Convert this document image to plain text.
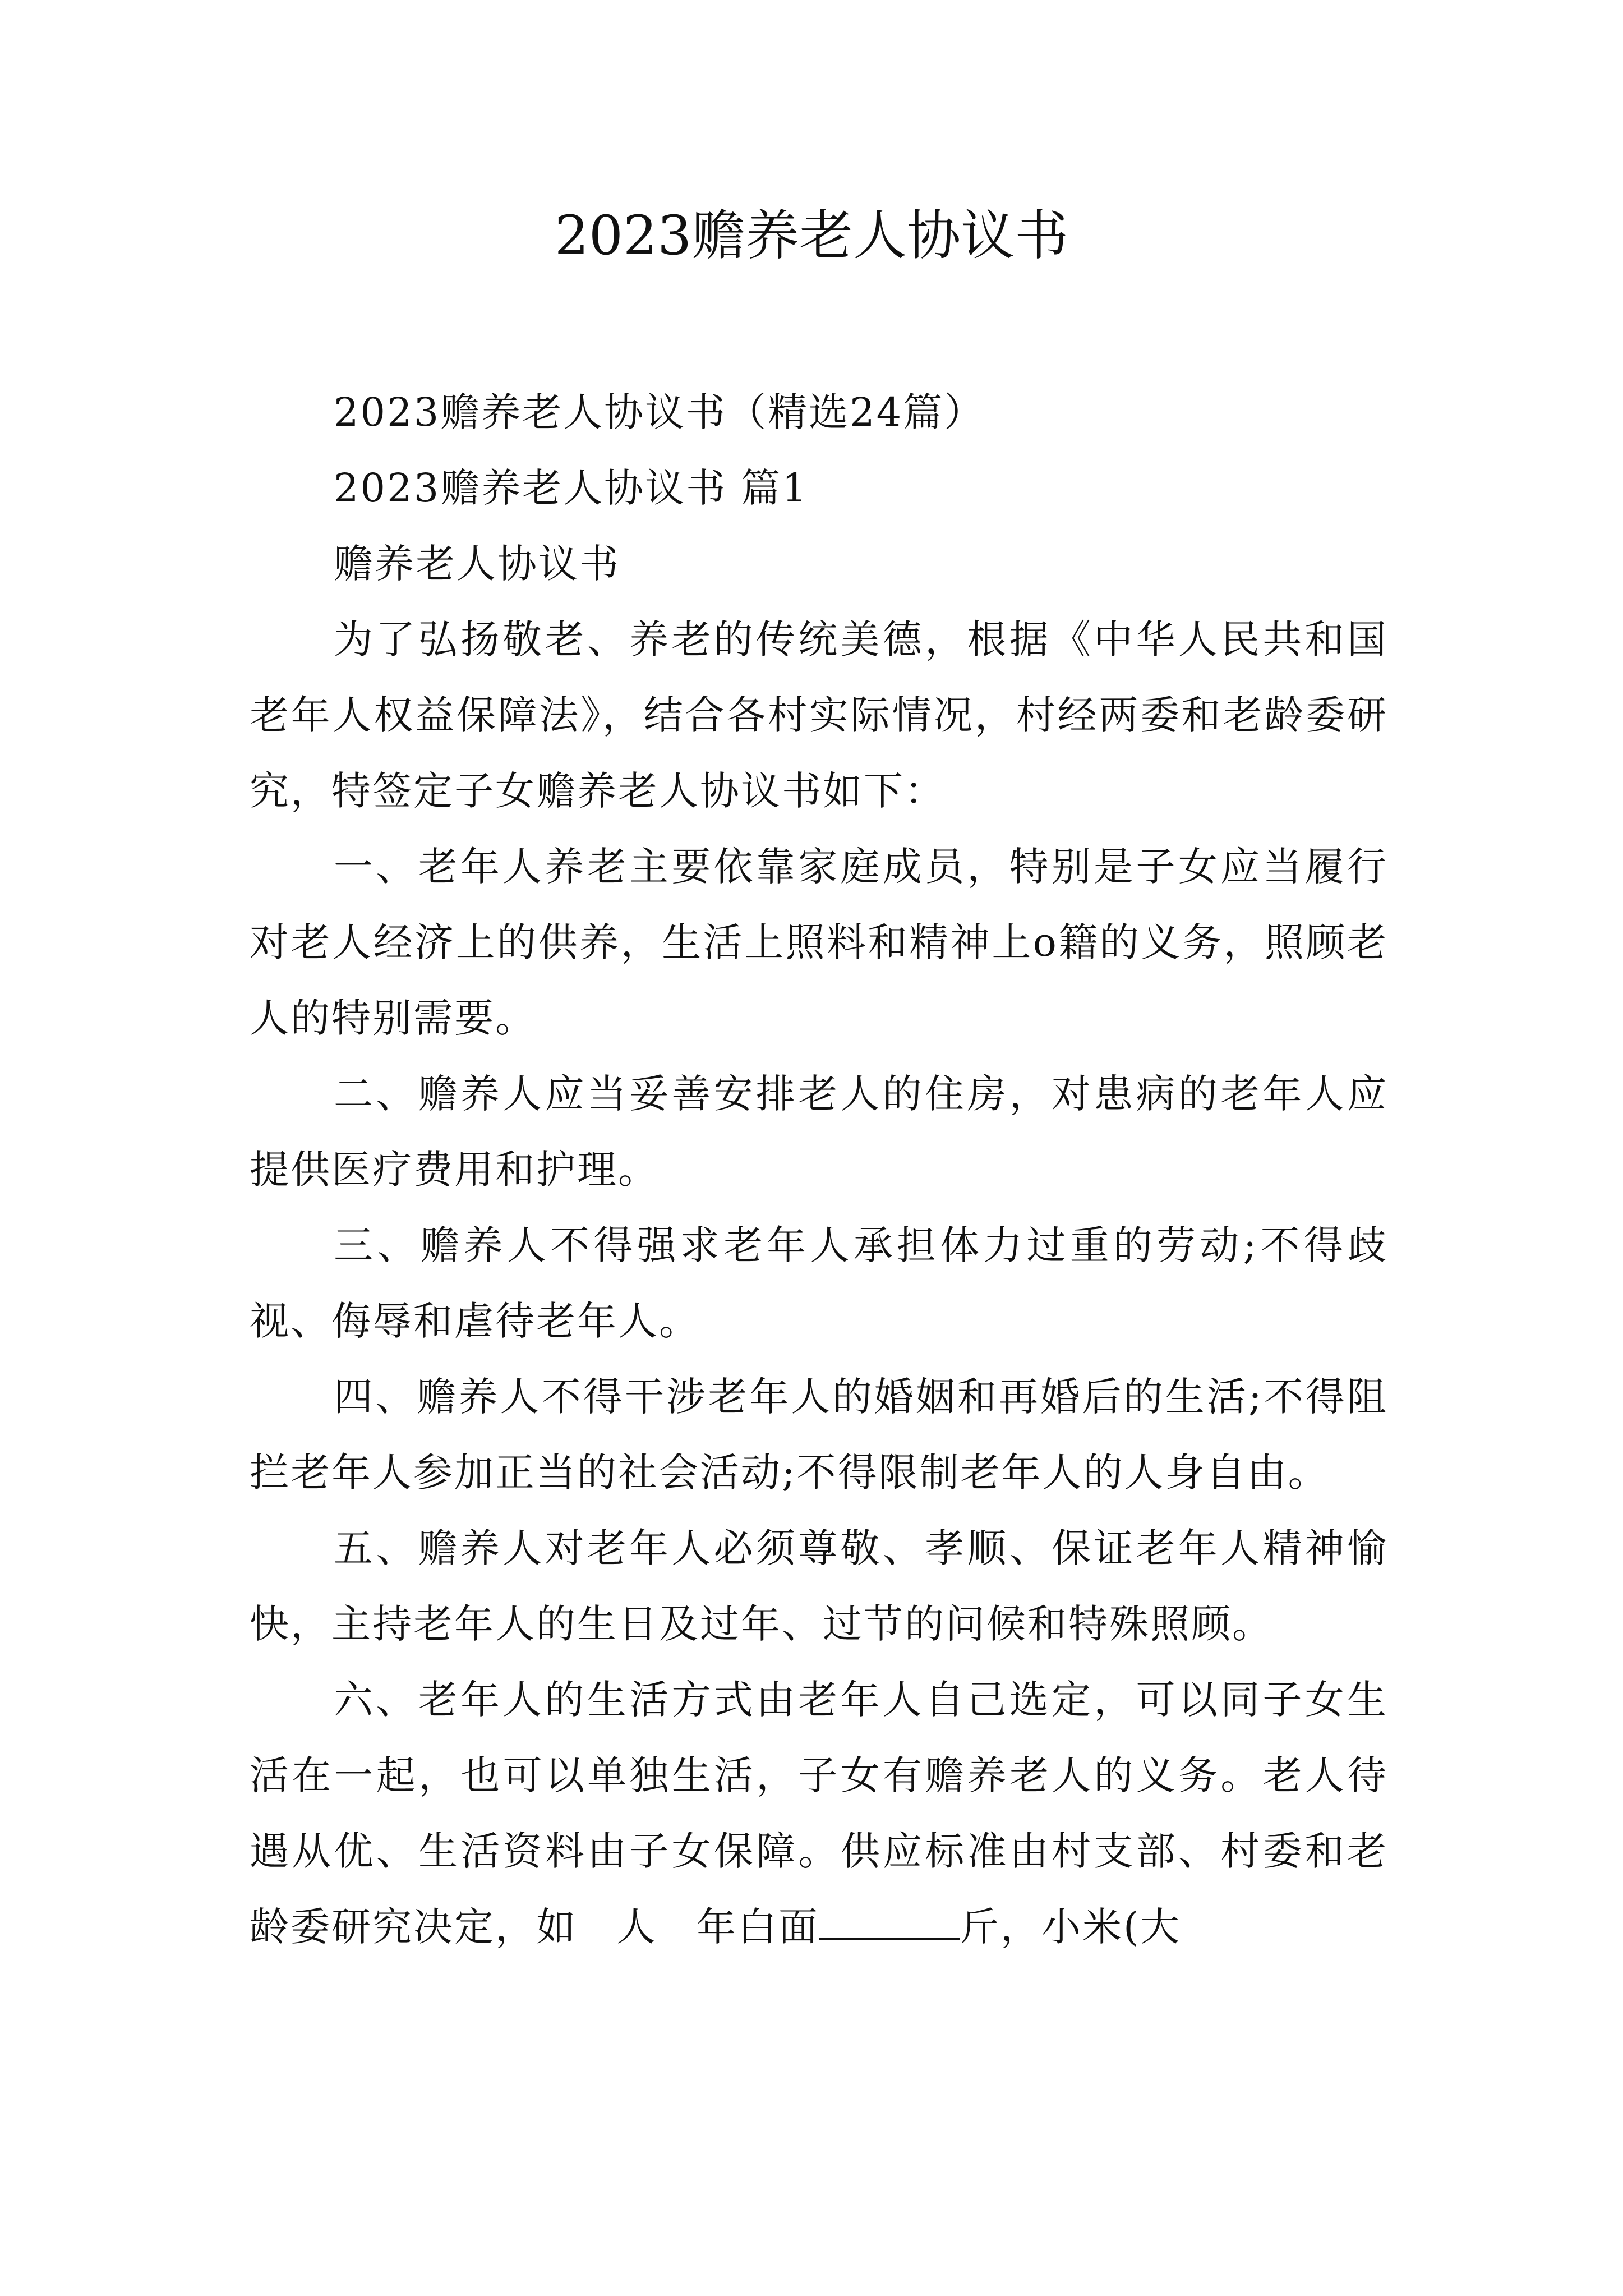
2023赡养老人协议书

2023赡养老人协议书（精选24篇）

2023赡养老人协议书 篇1

赡养老人协议书

为了弘扬敬老、养老的传统美德，根据《中华人民共和国老年人权益保障法》，结合各村实际情况，村经两委和老龄委研究，特签定子女赡养老人协议书如下：

一、老年人养老主要依靠家庭成员，特别是子女应当履行对老人经济上的供养，生活上照料和精神上o籍的义务，照顾老人的特别需要。

二、赡养人应当妥善安排老人的住房，对患病的老年人应提供医疗费用和护理。

三、赡养人不得强求老年人承担体力过重的劳动;不得歧视、侮辱和虐待老年人。

四、赡养人不得干涉老年人的婚姻和再婚后的生活;不得阻拦老年人参加正当的社会活动;不得限制老年人的人身自由。

五、赡养人对老年人必须尊敬、孝顺、保证老年人精神愉快，主持老年人的生日及过年、过节的问候和特殊照顾。

六、老年人的生活方式由老年人自己选定，可以同子女生活在一起，也可以单独生活，子女有赡养老人的义务。老人待遇从优、生活资料由子女保障。供应标准由村支部、村委和老龄委研究决定，如 人 年白面	斤，小米(大
